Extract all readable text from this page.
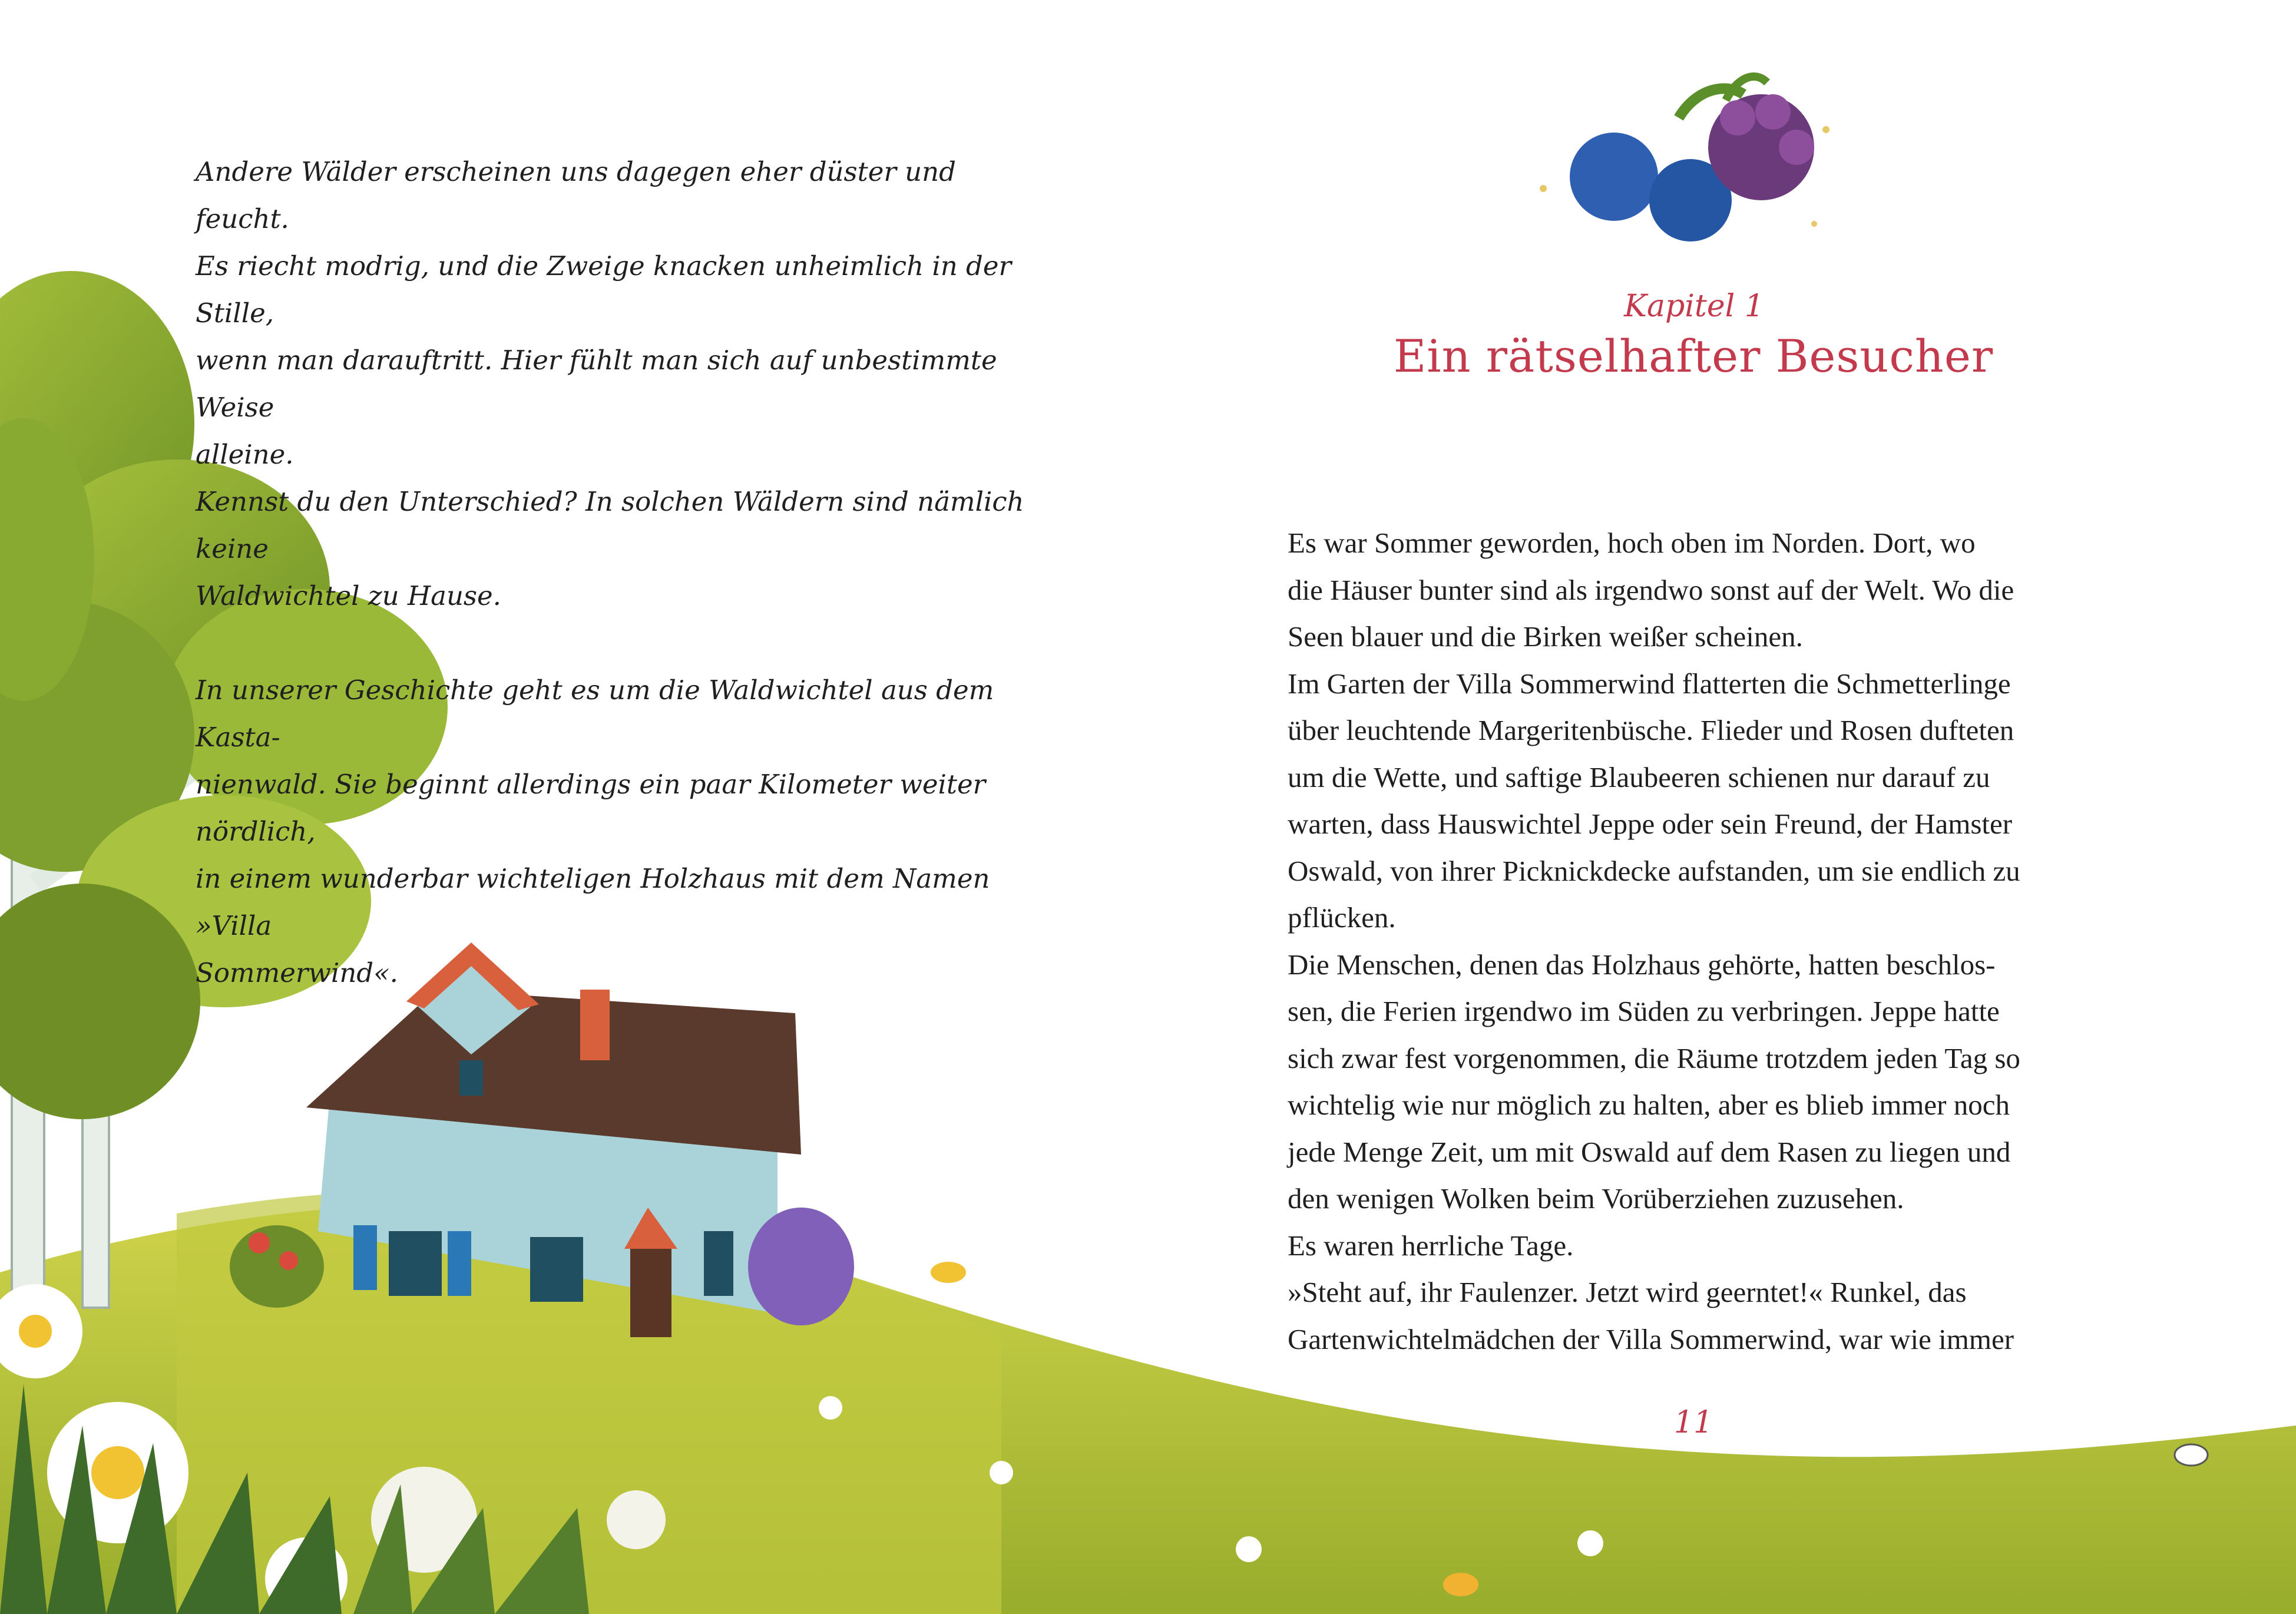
Andere Wälder erscheinen uns dagegen eher düster und feucht.

Es riecht modrig, und die Zweige knacken unheimlich in der Stille,

wenn man darauftritt. Hier fühlt man sich auf unbestimmte Weise

alleine.

Kennst du den Unterschied? In solchen Wäldern sind nämlich keine

Waldwichtel zu Hause.

In unserer Geschichte geht es um die Waldwichtel aus dem Kasta-

nienwald. Sie beginnt allerdings ein paar Kilometer weiter nördlich,

in einem wunderbar wichteligen Holzhaus mit dem Namen »Villa

Sommerwind«.

Kapitel 1
Ein rätselhafter Besucher

Es war Sommer geworden, hoch oben im Norden. Dort, wo

die Häuser bunter sind als irgendwo sonst auf der Welt. Wo die

Seen blauer und die Birken weißer scheinen.

Im Garten der Villa Sommerwind flatterten die Schmetterlinge

über leuchtende Margeritenbüsche. Flieder und Rosen dufteten

um die Wette, und saftige Blaubeeren schienen nur darauf zu

warten, dass Hauswichtel Jeppe oder sein Freund, der Hamster

Oswald, von ihrer Picknickdecke aufstanden, um sie endlich zu

pflücken.

Die Menschen, denen das Holzhaus gehörte, hatten beschlos-

sen, die Ferien irgendwo im Süden zu verbringen. Jeppe hatte

sich zwar fest vorgenommen, die Räume trotzdem jeden Tag so

wichtelig wie nur möglich zu halten, aber es blieb immer noch

jede Menge Zeit, um mit Oswald auf dem Rasen zu liegen und

den wenigen Wolken beim Vorüberziehen zuzusehen.

Es waren herrliche Tage.

»Steht auf, ihr Faulenzer. Jetzt wird geerntet!« Runkel, das

Gartenwichtelmädchen der Villa Sommerwind, war wie immer

11
